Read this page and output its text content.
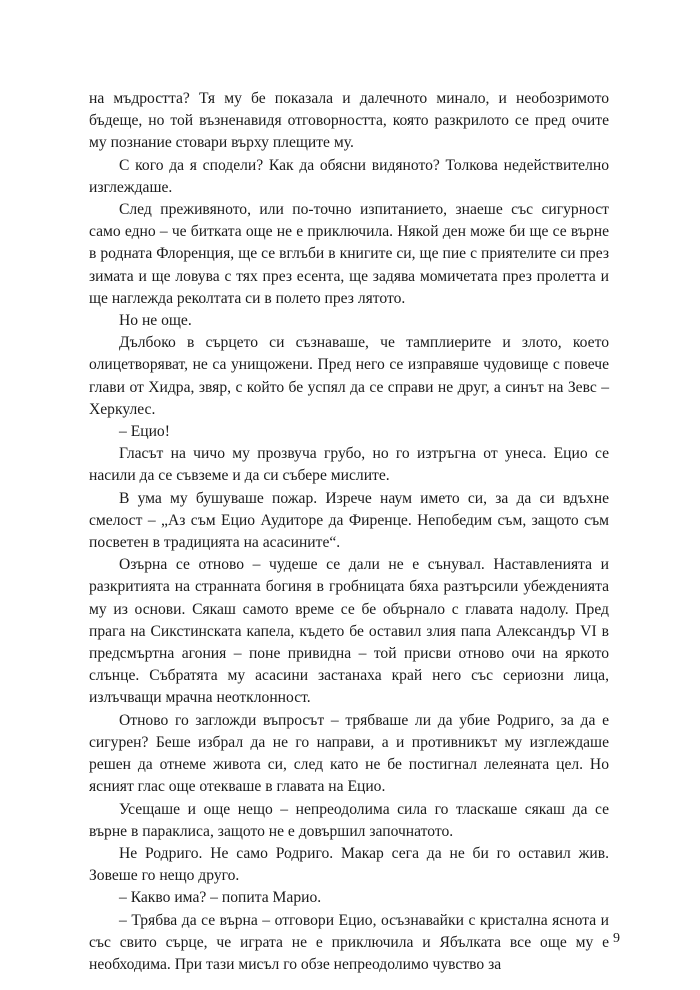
на мъдростта? Тя му бе показала и далечното минало, и необозримото бъдеще, но той възненавидя отговорността, която разкрилото се пред очите му познание стовари върху плещите му.

С кого да я сподели? Как да обясни видяното? Толкова недействително изглеждаше.

След преживяното, или по-точно изпитанието, знаеше със сигурност само едно – че битката още не е приключила. Някой ден може би ще се върне в родната Флоренция, ще се вглъби в книгите си, ще пие с приятелите си през зимата и ще ловува с тях през есента, ще задява момичетата през пролетта и ще наглежда реколтата си в полето през лятото.

Но не още.

Дълбоко в сърцето си съзнаваше, че тамплиерите и злото, което олицетворяват, не са унищожени. Пред него се изправяше чудовище с повече глави от Хидра, звяр, с който бе успял да се справи не друг, а синът на Зевс – Херкулес.

– Ецио!

Гласът на чичо му прозвуча грубо, но го изтръгна от унеса. Ецио се насили да се съвземе и да си събере мислите.

В ума му бушуваше пожар. Изрече наум името си, за да си вдъхне смелост – „Аз съм Ецио Аудиторе да Фиренце. Непобедим съм, защото съм посветен в традицията на асасините“.

Озърна се отново – чудеше се дали не е сънувал. Наставленията и разкритията на странната богиня в гробницата бяха разтърсили убежденията му из основи. Сякаш самото време се бе обърнало с главата надолу. Пред прага на Сикстинската капела, където бе оставил злия папа Александър VI в предсмъртна агония – поне привидна – той присви отново очи на яркото слънце. Събратята му асасини застанаха край него със сериозни лица, излъчващи мрачна неотклонност.

Отново го загложди въпросът – трябваше ли да убие Родриго, за да е сигурен? Беше избрал да не го направи, а и противникът му изглеждаше решен да отнеме живота си, след като не бе постигнал лелеяната цел. Но ясният глас още отекваше в главата на Ецио.

Усещаше и още нещо – непреодолима сила го тласкаше сякаш да се върне в параклиса, защото не е довършил започнатото.

Не Родриго. Не само Родриго. Макар сега да не би го оставил жив. Зовеше го нещо друго.

– Какво има? – попита Марио.

– Трябва да се върна – отговори Ецио, осъзнавайки с кристална яснота и със свито сърце, че играта не е приключила и Ябълката все още му е необходима. При тази мисъл го обзе непреодолимо чувство за

9
